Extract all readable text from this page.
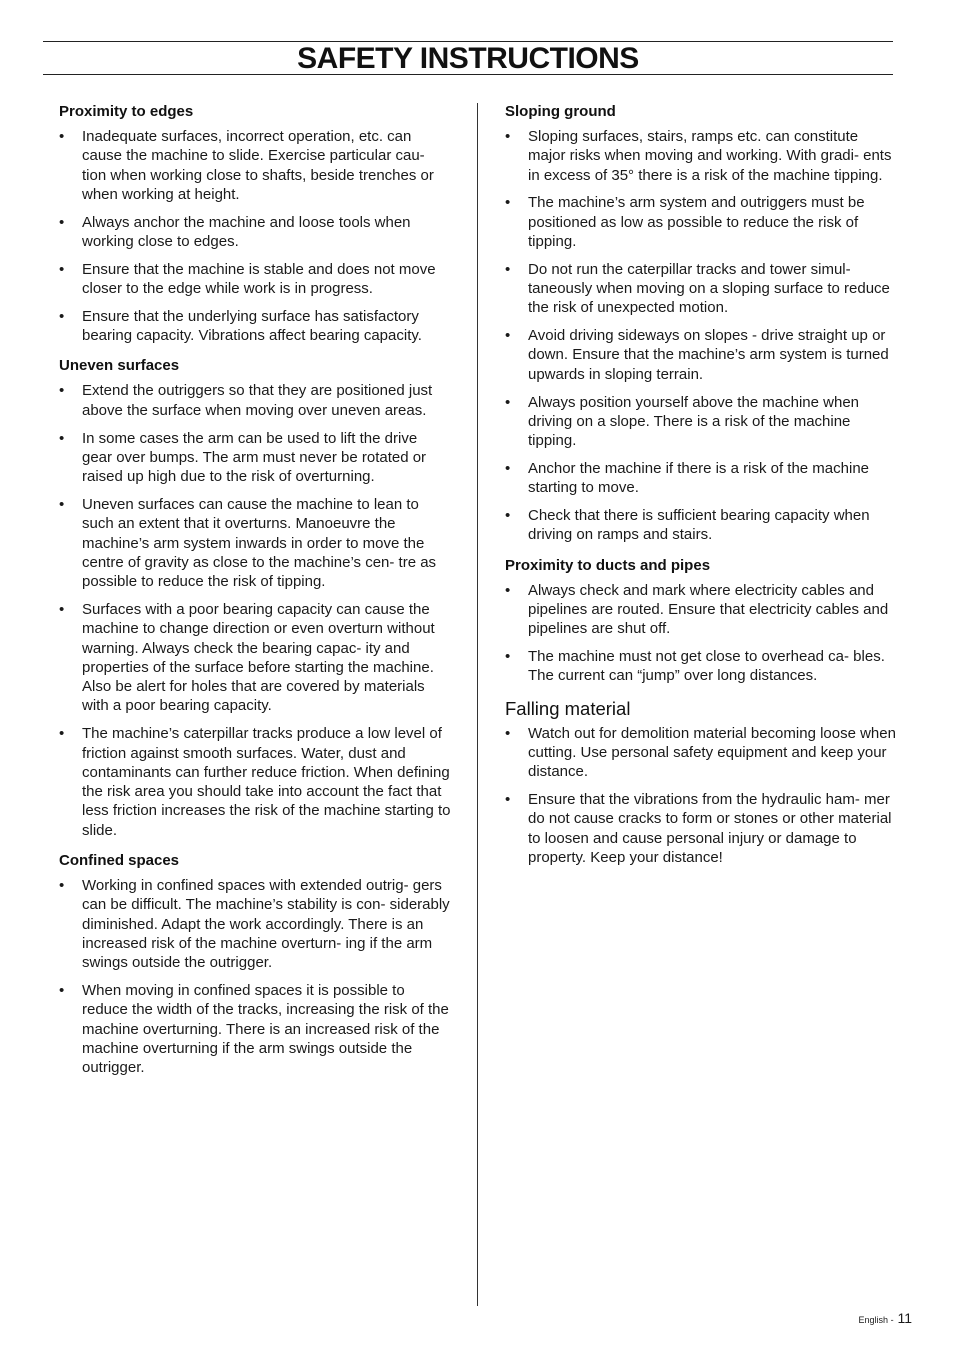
SAFETY INSTRUCTIONS
Proximity to edges
• Inadequate surfaces, incorrect operation, etc. can cause the machine to slide. Exercise particular cau- tion when working close to shafts, beside trenches or when working at height.
• Always anchor the machine and loose tools when working close to edges.
• Ensure that the machine is stable and does not move closer to the edge while work is in progress.
• Ensure that the underlying surface has satisfactory bearing capacity. Vibrations affect bearing capacity.
Uneven surfaces
• Extend the outriggers so that they are positioned just above the surface when moving over uneven areas.
• In some cases the arm can be used to lift the drive gear over bumps. The arm must never be rotated or raised up high due to the risk of overturning.
• Uneven surfaces can cause the machine to lean to such an extent that it overturns. Manoeuvre the machine’s arm system inwards in order to move the centre of gravity as close to the machine’s cen- tre as possible to reduce the risk of tipping.
• Surfaces with a poor bearing capacity can cause the machine to change direction or even overturn without warning. Always check the bearing capac- ity and properties of the surface before starting the machine. Also be alert for holes that are covered by materials with a poor bearing capacity.
• The machine’s caterpillar tracks produce a low level of friction against smooth surfaces. Water, dust and contaminants can further reduce friction. When defining the risk area you should take into account the fact that less friction increases the risk of the machine starting to slide.
Confined spaces
• Working in confined spaces with extended outrig- gers can be difficult. The machine’s stability is con- siderably diminished. Adapt the work accordingly. There is an increased risk of the machine overturn- ing if the arm swings outside the outrigger.
• When moving in confined spaces it is possible to reduce the width of the tracks, increasing the risk of the machine overturning. There is an increased risk of the machine overturning if the arm swings outside the outrigger.
Sloping ground
• Sloping surfaces, stairs, ramps etc. can constitute major risks when moving and working. With gradi- ents in excess of 35° there is a risk of the machine tipping.
• The machine’s arm system and outriggers must be positioned as low as possible to reduce the risk of tipping.
• Do not run the caterpillar tracks and tower simul- taneously when moving on a sloping surface to reduce the risk of unexpected motion.
• Avoid driving sideways on slopes - drive straight up or down. Ensure that the machine’s arm system is turned upwards in sloping terrain.
• Always position yourself above the machine when driving on a slope. There is a risk of the machine tipping.
• Anchor the machine if there is a risk of the machine starting to move.
• Check that there is sufficient bearing capacity when driving on ramps and stairs.
Proximity to ducts and pipes
• Always check and mark where electricity cables and pipelines are routed. Ensure that electricity cables and pipelines are shut off.
• The machine must not get close to overhead ca- bles. The current can “jump” over long distances.
Falling material
• Watch out for demolition material becoming loose when cutting. Use personal safety equipment and keep your distance.
• Ensure that the vibrations from the hydraulic ham- mer do not cause cracks to form or stones or other material to loosen and cause personal injury or damage to property. Keep your distance!
English - 11
